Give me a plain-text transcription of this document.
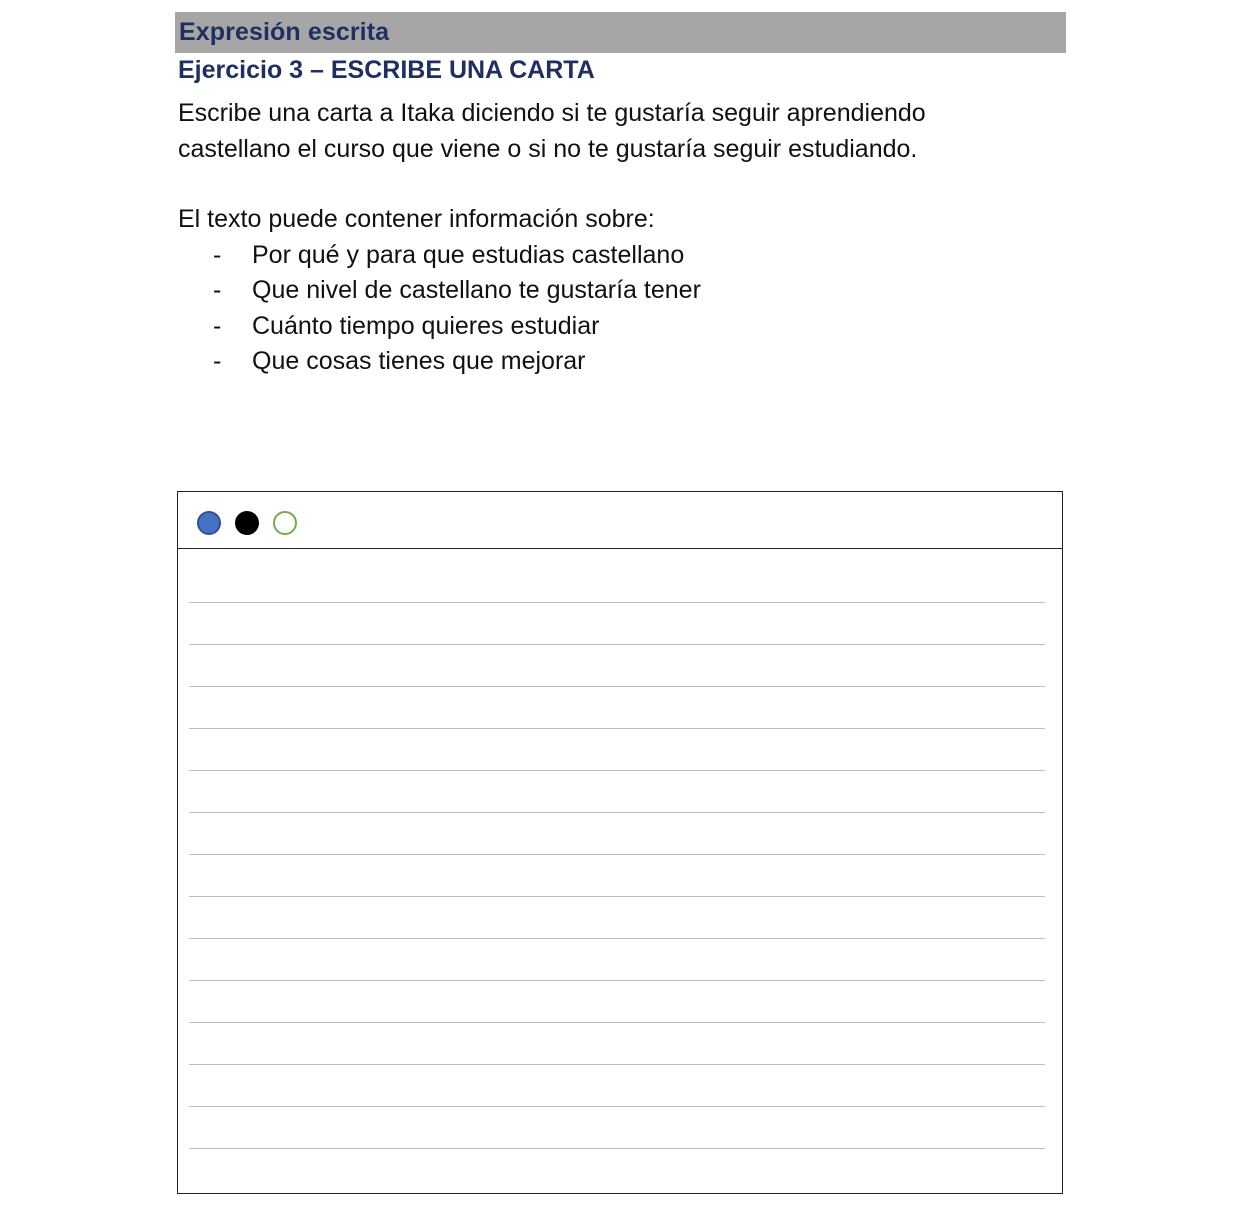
Expresión escrita
Ejercicio 3 – ESCRIBE UNA CARTA

Escribe una carta a Itaka diciendo si te gustaría seguir aprendiendo

castellano el curso que viene o si no te gustaría seguir estudiando.

El texto puede contener información sobre:

- Por qué y para que estudias castellano
- Que nivel de castellano te gustaría tener
- Cuánto tiempo quieres estudiar
- Que cosas tienes que mejorar
